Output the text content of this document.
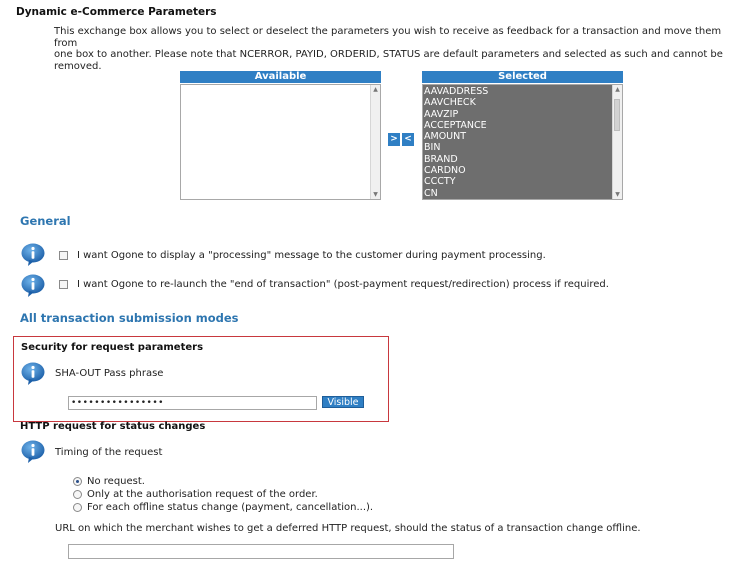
Dynamic e-Commerce Parameters
This exchange box allows you to select or deselect the parameters you wish to receive as feedback for a transaction and move them from
one box to another. Please note that NCERROR, PAYID, ORDERID, STATUS are default parameters and selected as such and cannot be
removed.
Available
▲
▼
> <
Selected
AAVADDRESS
AAVCHECK
AAVZIP
ACCEPTANCE
AMOUNT
BIN
BRAND
CARDNO
CCCTY
CN
▲
▼
General
I want Ogone to display a "processing" message to the customer during payment processing.
I want Ogone to re-launch the "end of transaction" (post-payment request/redirection) process if required.
All transaction submission modes
Security for request parameters
SHA-OUT Pass phrase
••••••••••••••••	Visible
HTTP request for status changes
Timing of the request
No request.
Only at the authorisation request of the order.
For each offline status change (payment, cancellation...).
URL on which the merchant wishes to get a deferred HTTP request, should the status of a transaction change offline.
